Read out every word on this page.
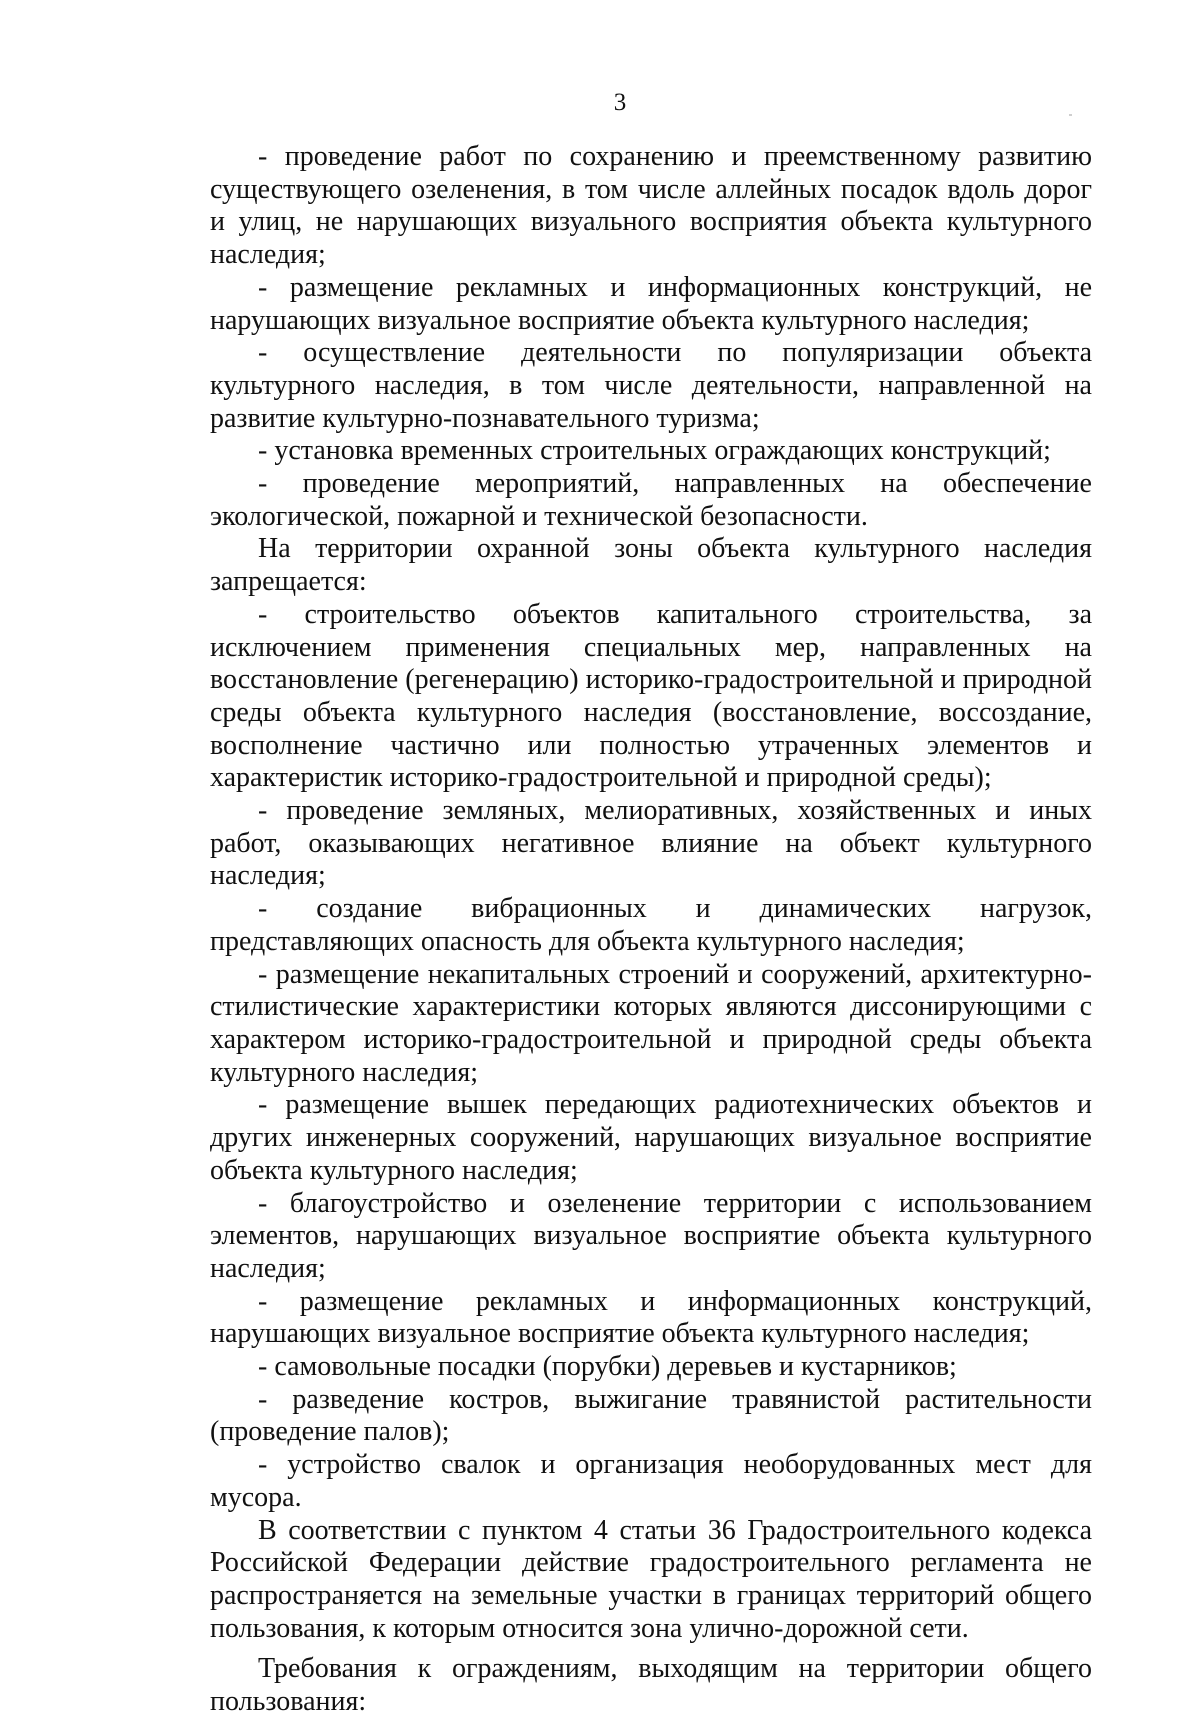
3

- проведение работ по сохранению и преемственному развитию существующего озеленения, в том числе аллейных посадок вдоль дорог и улиц, не нарушающих визуального восприятия объекта культурного наследия;

- размещение рекламных и информационных конструкций, не нарушающих визуальное восприятие объекта культурного наследия;

- осуществление деятельности по популяризации объекта культурного наследия, в том числе деятельности, направленной на развитие культурно-познавательного туризма;

- установка временных строительных ограждающих конструкций;

- проведение мероприятий, направленных на обеспечение экологической, пожарной и технической безопасности.

На территории охранной зоны объекта культурного наследия запрещается:

- строительство объектов капитального строительства, за исключением применения специальных мер, направленных на восстановление (регенерацию) историко-градостроительной и природной среды объекта культурного наследия (восстановление, воссоздание, восполнение частично или полностью утраченных элементов и характеристик историко-градостроительной и природной среды);

- проведение земляных, мелиоративных, хозяйственных и иных работ, оказывающих негативное влияние на объект культурного наследия;

- создание вибрационных и динамических нагрузок, представляющих опасность для объекта культурного наследия;

- размещение некапитальных строений и сооружений, архитектурно-стилистические характеристики которых являются диссонирующими с характером историко-градостроительной и природной среды объекта культурного наследия;

- размещение вышек передающих радиотехнических объектов и других инженерных сооружений, нарушающих визуальное восприятие объекта культурного наследия;

- благоустройство и озеленение территории с использованием элементов, нарушающих визуальное восприятие объекта культурного наследия;

- размещение рекламных и информационных конструкций, нарушающих визуальное восприятие объекта культурного наследия;

- самовольные посадки (порубки) деревьев и кустарников;

- разведение костров, выжигание травянистой растительности (проведение палов);

- устройство свалок и организация необорудованных мест для мусора.

В соответствии с пунктом 4 статьи 36 Градостроительного кодекса Российской Федерации действие градостроительного регламента не распространяется на земельные участки в границах территорий общего пользования, к которым относится зона улично-дорожной сети.

Требования к ограждениям, выходящим на территории общего пользования:
